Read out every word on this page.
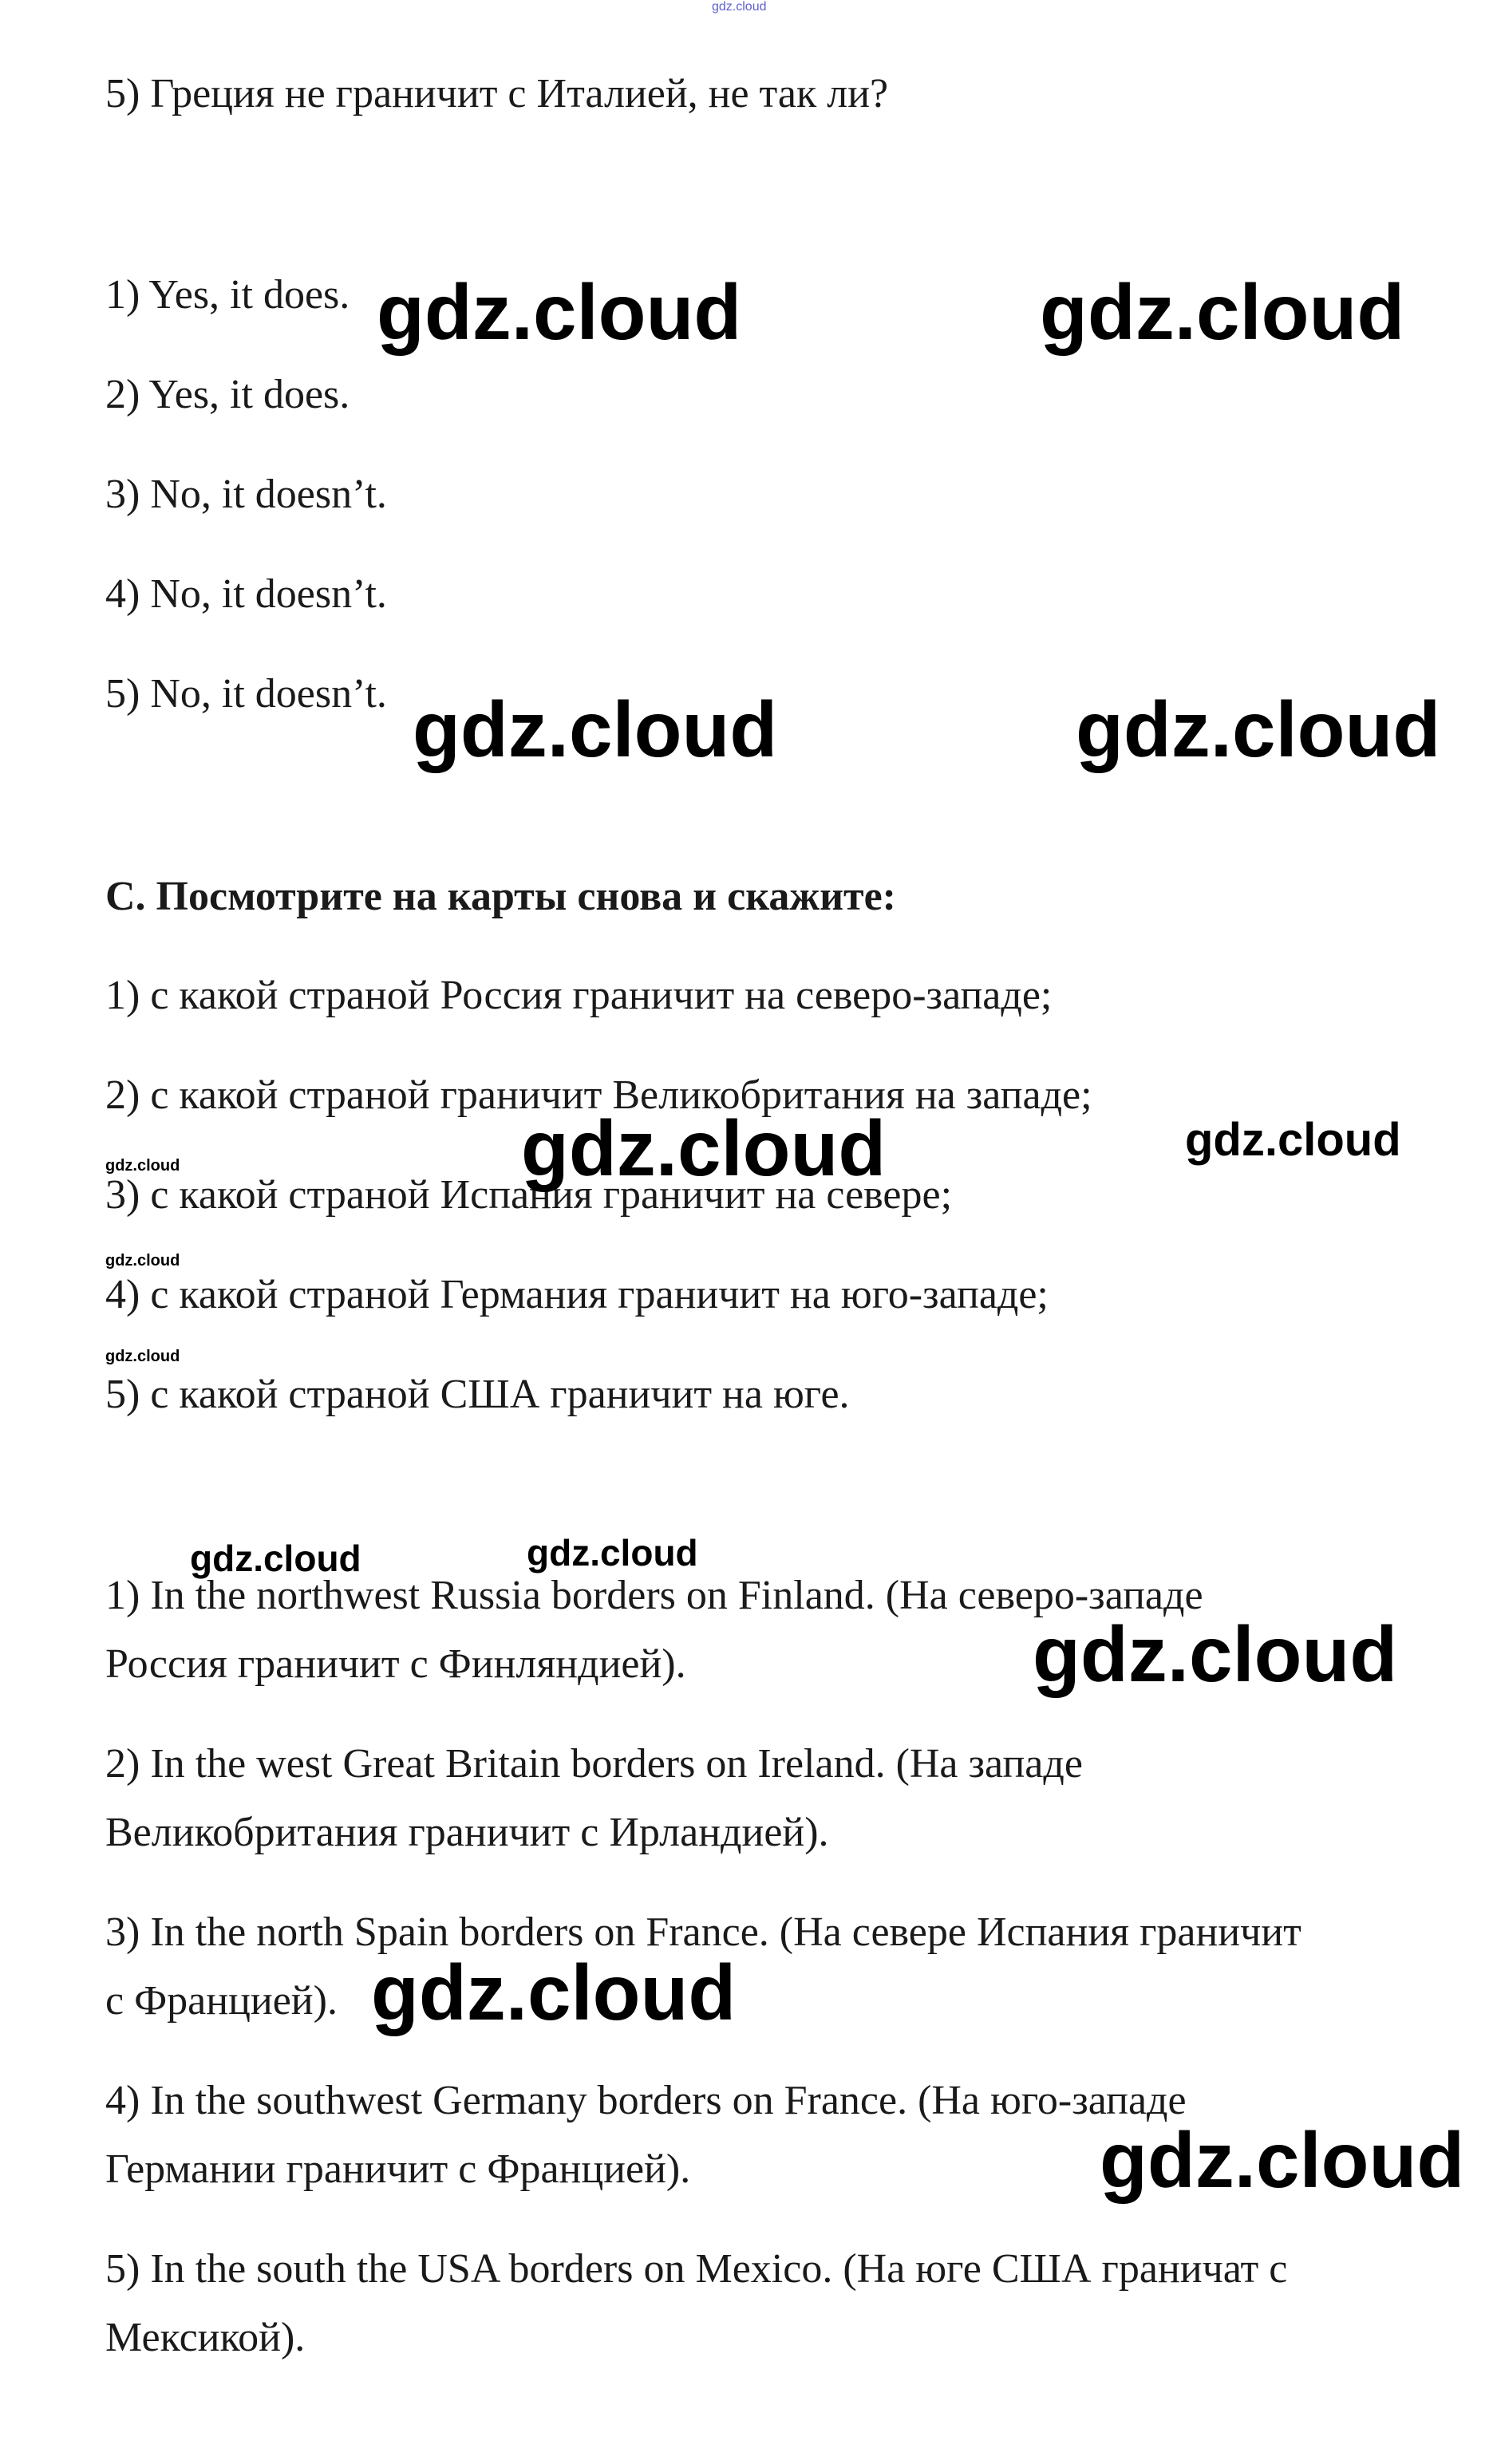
gdz.cloud
5) Греция не граничит с Италией, не так ли?
1) Yes, it does.
2) Yes, it does.
3) No, it doesn’t.
4) No, it doesn’t.
5) No, it doesn’t.
C. Посмотрите на карты снова и скажите:
1) с какой страной Россия граничит на северо-западе;
2) с какой страной граничит Великобритания на западе;
3) с какой страной Испания граничит на севере;
4) с какой страной Германия граничит на юго-западе;
5) с какой страной США граничит на юге.
1) In the northwest Russia borders on Finland. (На северо-западе
Россия граничит с Финляндией).
2) In the west Great Britain borders on Ireland. (На западе
Великобритания граничит с Ирландией).
3) In the north Spain borders on France. (На севере Испания граничит
с Францией).
4) In the southwest Germany borders on France. (На юго-западе
Германии граничит с Францией).
5) In the south the USA borders on Mexico. (На юге США граничат с
Мексикой).
gdz.cloud	gdz.cloud
gdz.cloud	gdz.cloud
gdz.cloud	gdz.cloud
gdz.cloud
gdz.cloud
gdz.cloud
gdz.cloud	gdz.cloud
gdz.cloud
gdz.cloud
gdz.cloud
